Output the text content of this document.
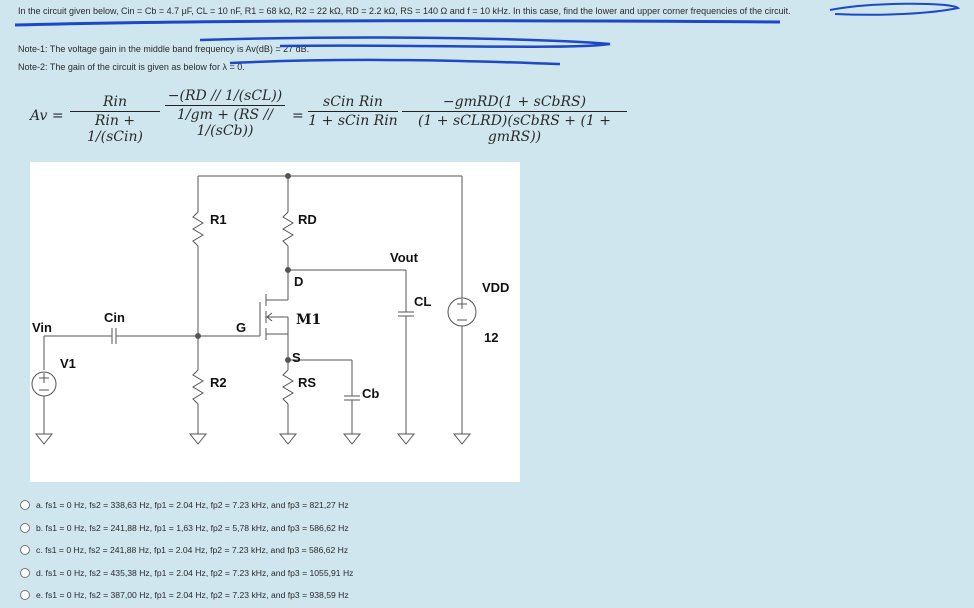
In the circuit given below, Cin = Cb = 4.7 μF, CL = 10 nF, R1 = 68 kΩ, R2 = 22 kΩ, RD = 2.2 kΩ, RS = 140 Ω and f = 10 kHz. In this case, find the lower and upper corner frequencies of the circuit.
Note-1: The voltage gain in the middle band frequency is Av(dB) = 27 dB.
Note-2: The gain of the circuit is given as below for λ = 0.
Av =
Rin
Rin + 1/(sCin)
−(RD // 1/(sCL))
1/gm + (RS // 1/(sCb))
=
sCin Rin
1 + sCin Rin
−gmRD(1 + sCbRS)
(1 + sCLRD)(sCbRS + (1 + gmRS))
R1	RD
D
G	M1
S
R2	RS
Cb
Vout
CL
Cin
Vin
V1
VDD
12
a. fs1 = 0 Hz, fs2 = 338,63 Hz, fp1 = 2.04 Hz, fp2 = 7.23 kHz, and fp3 = 821,27 Hz
b. fs1 = 0 Hz, fs2 = 241,88 Hz, fp1 = 1,63 Hz, fp2 = 5,78 kHz, and fp3 = 586,62 Hz
c. fs1 = 0 Hz, fs2 = 241,88 Hz, fp1 = 2.04 Hz, fp2 = 7.23 kHz, and fp3 = 586,62 Hz
d. fs1 = 0 Hz, fs2 = 435,38 Hz, fp1 = 2.04 Hz, fp2 = 7.23 kHz, and fp3 = 1055,91 Hz
e. fs1 = 0 Hz, fs2 = 387,00 Hz, fp1 = 2.04 Hz, fp2 = 7.23 kHz, and fp3 = 938,59 Hz
